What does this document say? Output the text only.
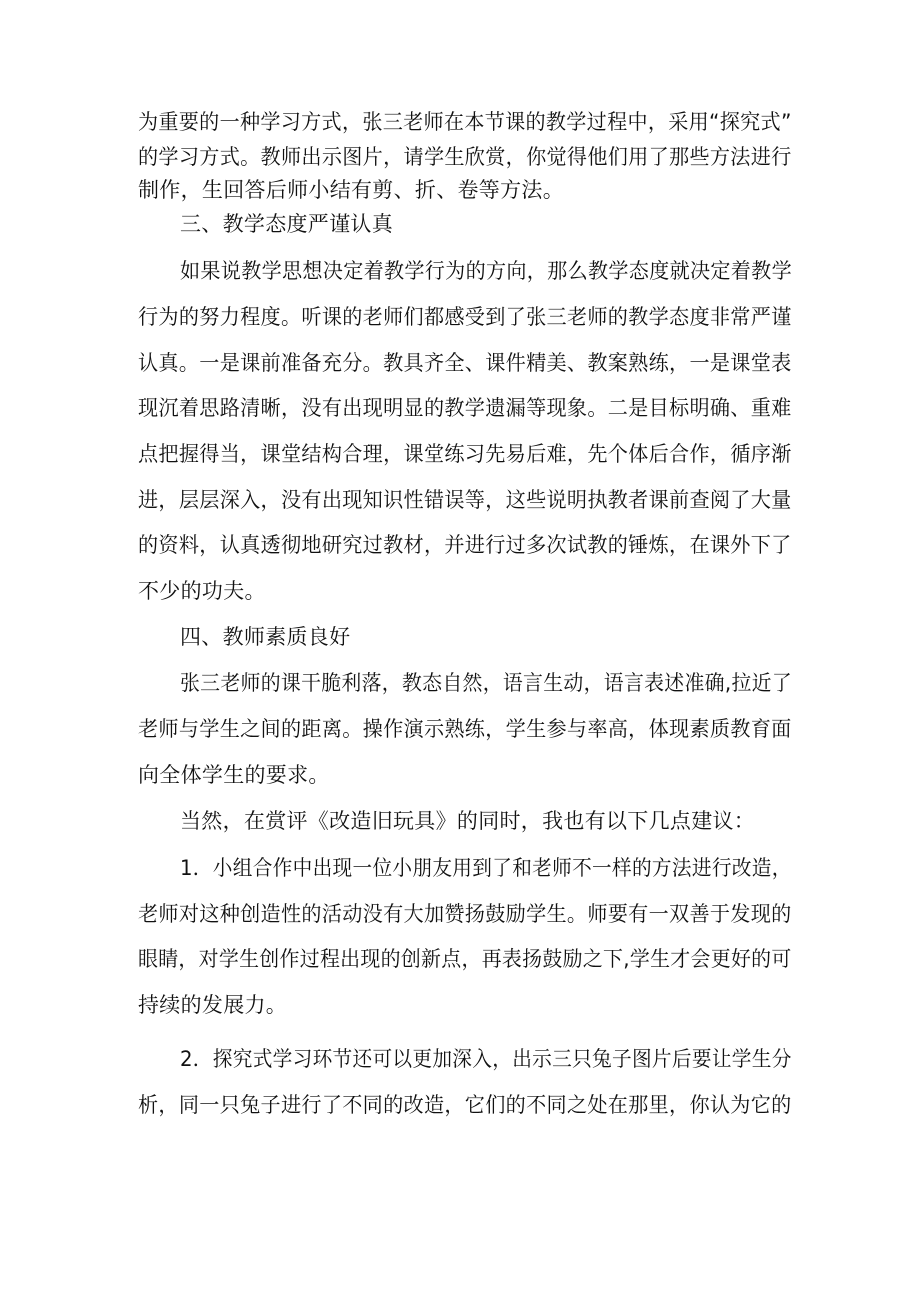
为重要的一种学习方式，张三老师在本节课的教学过程中，采用“探究式”
的学习方式。教师出示图片，请学生欣赏，你觉得他们用了那些方法进行
制作，生回答后师小结有剪、折、卷等方法。
三、教学态度严谨认真
如果说教学思想决定着教学行为的方向，那么教学态度就决定着教学
行为的努力程度。听课的老师们都感受到了张三老师的教学态度非常严谨
认真。一是课前准备充分。教具齐全、课件精美、教案熟练，一是课堂表
现沉着思路清晰，没有出现明显的教学遗漏等现象。二是目标明确、重难
点把握得当，课堂结构合理，课堂练习先易后难，先个体后合作，循序渐
进，层层深入，没有出现知识性错误等，这些说明执教者课前查阅了大量
的资料，认真透彻地研究过教材，并进行过多次试教的锤炼，在课外下了
不少的功夫。
四、教师素质良好
张三老师的课干脆利落，教态自然，语言生动，语言表述准确,拉近了
老师与学生之间的距离。操作演示熟练，学生参与率高，体现素质教育面
向全体学生的要求。
当然，在赏评《改造旧玩具》的同时，我也有以下几点建议：
1．小组合作中出现一位小朋友用到了和老师不一样的方法进行改造，
老师对这种创造性的活动没有大加赞扬鼓励学生。师要有一双善于发现的
眼睛，对学生创作过程出现的创新点，再表扬鼓励之下,学生才会更好的可
持续的发展力。
2．探究式学习环节还可以更加深入，出示三只兔子图片后要让学生分
析，同一只兔子进行了不同的改造，它们的不同之处在那里，你认为它的
